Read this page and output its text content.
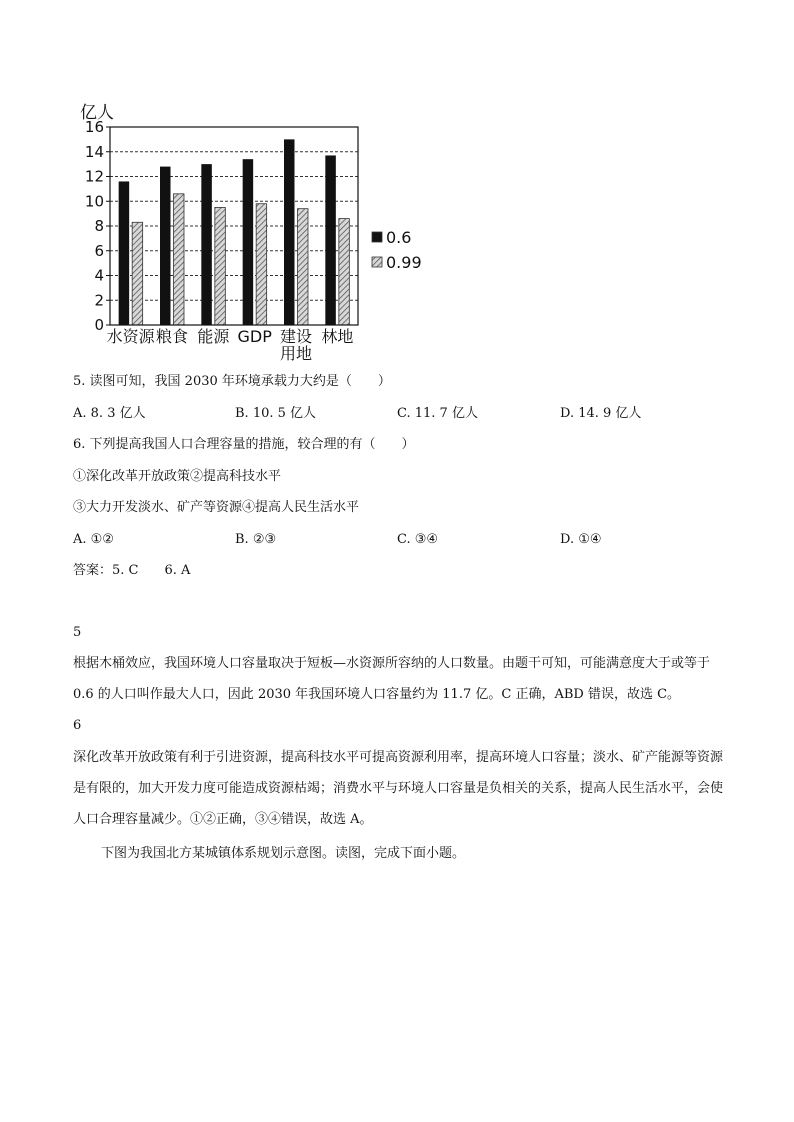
亿人
0
2
4
6
8
10
12
14
16
水资源 粮食 能源 GDP 建设
用地
林地
0.6
0.99
5. 读图可知，我国 2030 年环境承载力大约是（　　）
A. 8. 3 亿人	B. 10. 5 亿人	C. 11. 7 亿人	D. 14. 9 亿人
6. 下列提高我国人口合理容量的措施，较合理的有（　　）
①深化改革开放政策②提高科技水平
③大力开发淡水、矿产等资源④提高人民生活水平
A. ①②	B. ②③	C. ③④	D. ①④
答案：5. C 6. A
5
根据木桶效应，我国环境人口容量取决于短板—水资源所容纳的人口数量。由题干可知，可能满意度大于或等于 0.6 的人口叫作最大人口，因此 2030 年我国环境人口容量约为 11.7 亿。C 正确，ABD 错误，故选 C。
6
深化改革开放政策有利于引进资源，提高科技水平可提高资源利用率，提高环境人口容量；淡水、矿产能源等资源是有限的，加大开发力度可能造成资源枯竭；消费水平与环境人口容量是负相关的关系，提高人民生活水平，会使人口合理容量减少。①②正确，③④错误，故选 A。
下图为我国北方某城镇体系规划示意图。读图，完成下面小题。
